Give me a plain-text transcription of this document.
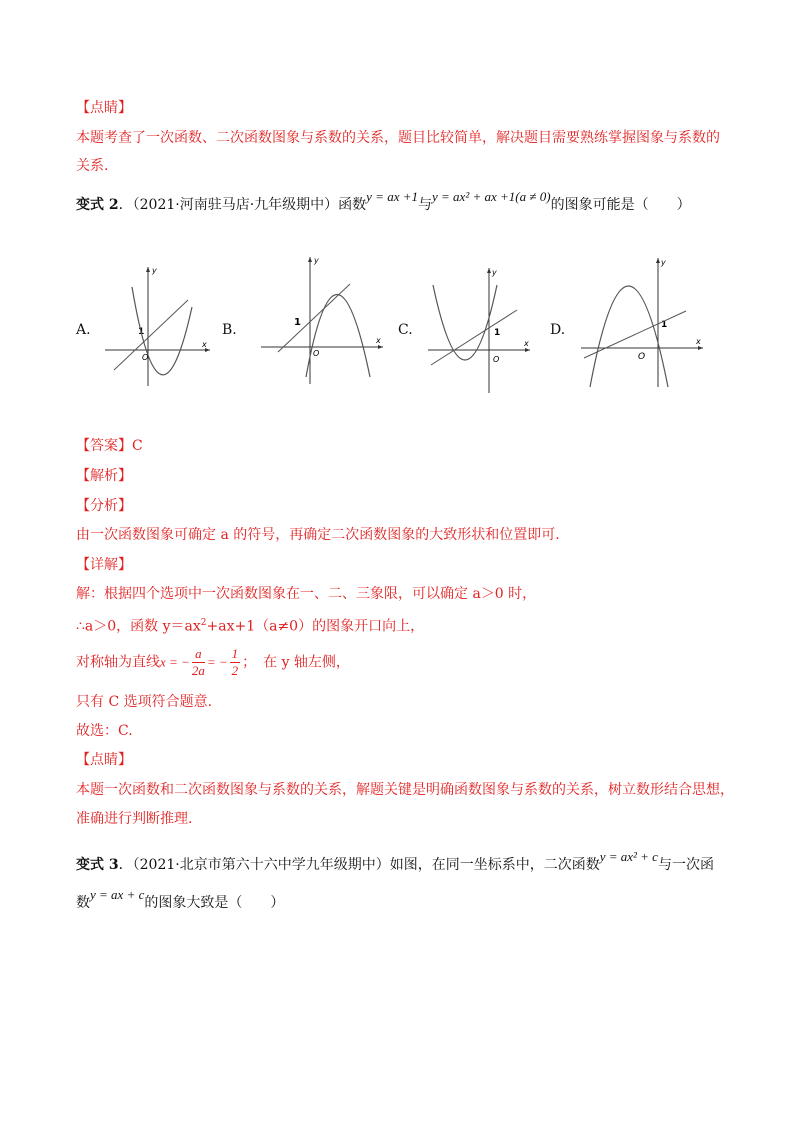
【点睛】
本题考查了一次函数、二次函数图象与系数的关系，题目比较简单，解决题目需要熟练掌握图象与系数的
关系.
变式 2．（2021·河南驻马店·九年级期中）函数y = ax +1与y = ax² + ax +1(a ≠ 0)的图象可能是（　　）
A.
y
x
O
1	B.
y
x
O
1	C.
y
x
O
1	D.
y
x
O
1
【答案】C
【解析】
【分析】
由一次函数图象可确定 a 的符号，再确定二次函数图象的大致形状和位置即可.
【详解】
解：根据四个选项中一次函数图象在一、二、三象限，可以确定 a＞0 时，
∴a＞0，函数 $y=ax^2+ax+1(a\ne 0)$的图象开口向上，
对称轴为直线x = − $\frac{a}{2a}$ = − $\frac{1}{2}$ ；　在 y 轴左侧，
只有 C 选项符合题意.
故选：C.
【点睛】
本题一次函数和二次函数图象与系数的关系，解题关键是明确函数图象与系数的关系，树立数形结合思想，
准确进行判断推理.
变式 3．（2021·北京市第六十六中学九年级期中）如图，在同一坐标系中，二次函数y = ax² + c与一次函
数y = ax + c的图象大致是（　　）
